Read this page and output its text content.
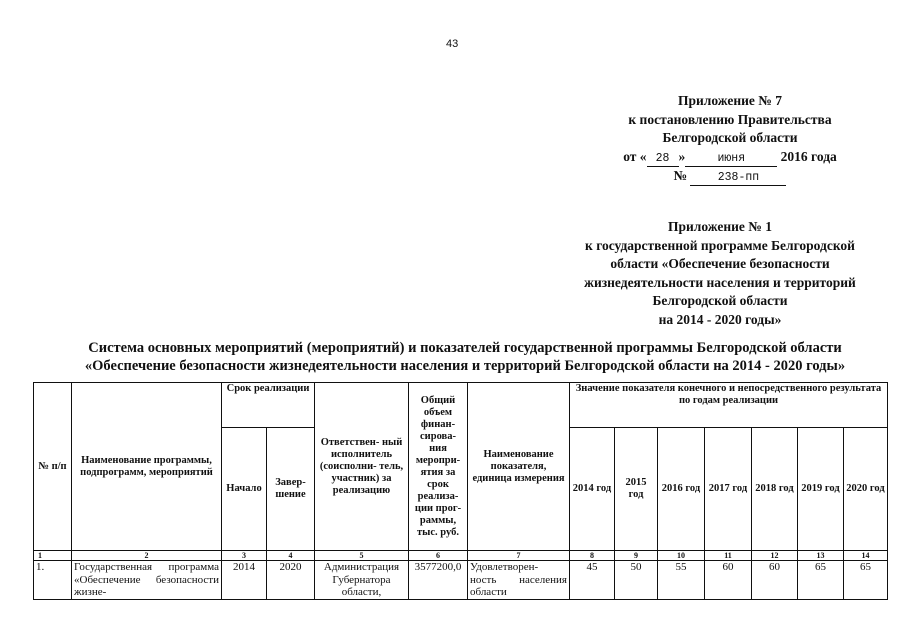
43
Приложение № 7
к постановлению Правительства
Белгородской области
от « 28 »	июня	2016 года
№	238-пп
Приложение № 1
к государственной программе Белгородской
области «Обеспечение безопасности
жизнедеятельности населения и территорий
Белгородской области
на 2014 - 2020 годы»
Система основных мероприятий (мероприятий) и показателей государственной программы Белгородской области
«Обеспечение безопасности жизнедеятельности населения и территорий Белгородской области на 2014 - 2020 годы»
№ п/п	Наименование программы, подпрограмм, мероприятий	Срок реализации		Ответствен- ный исполнитель (соисполни- тель, участник) за реализацию	Общий объем финан- сирова- ния меропри- ятия за срок реализа- ции прог- раммы, тыс. руб.	Наименование показателя, единица измерения	Значение показателя конечного и непосредственного результата по годам реализации						
		Начало	Завер- шение				2014 год	2015 год	2016 год	2017 год	2018 год	2019 год	2020 год
1	2	3	4	5	6	7	8	9	10	11	12	13	14
1.	Государственная программа «Обеспечение безопасности жизне-	2014	2020	Администрация Губернатора области,	3577200,0	Удовлетворен- ность населения области	45	50	55	60	60	65	65
